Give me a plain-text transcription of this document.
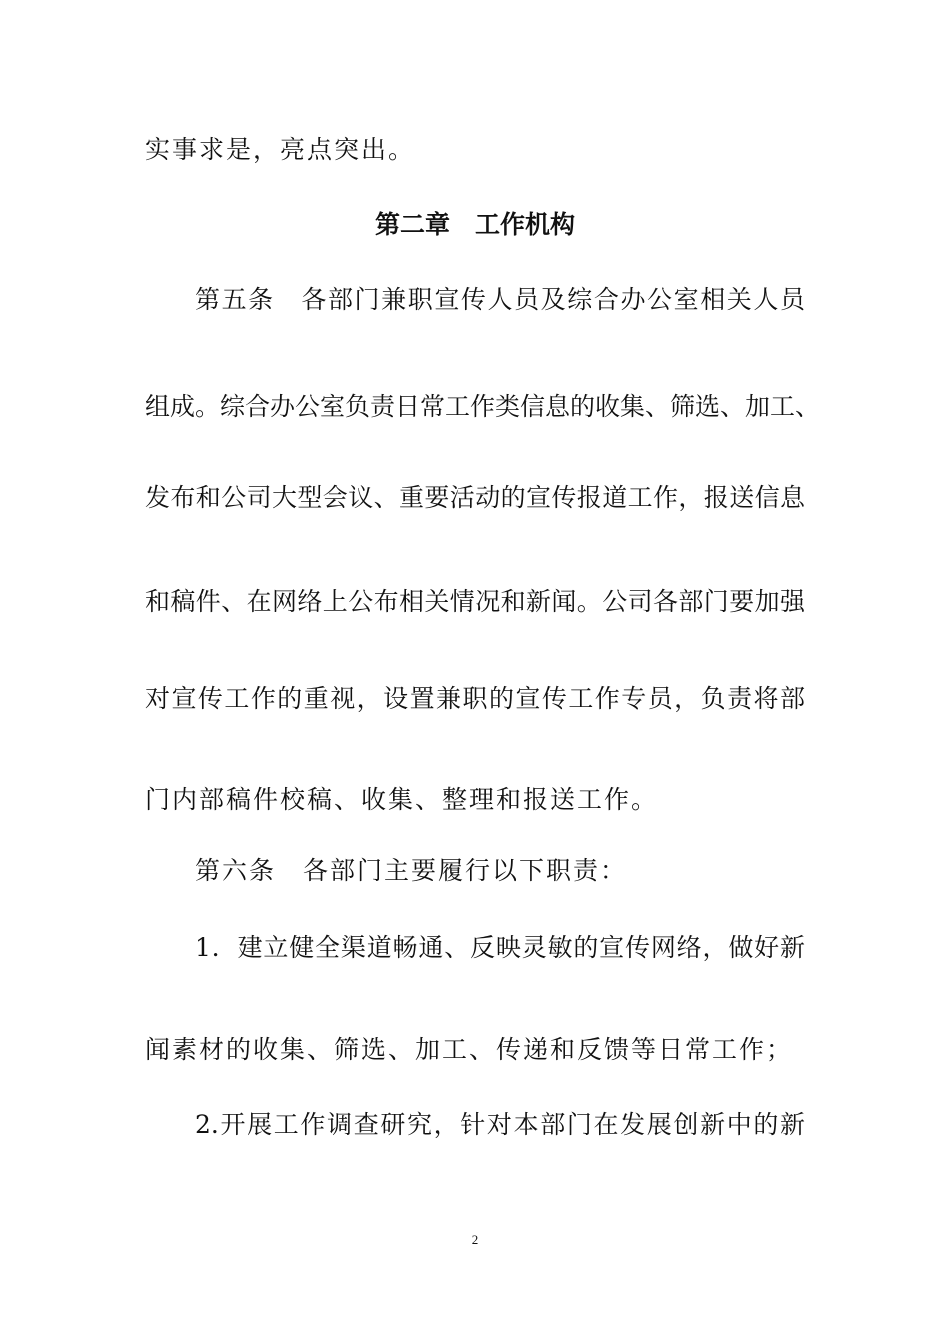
实事求是，亮点突出。
第二章　工作机构
第五条　各部门兼职宣传人员及综合办公室相关人员
组成。综合办公室负责日常工作类信息的收集、筛选、加工、
发布和公司大型会议、重要活动的宣传报道工作，报送信息
和稿件、在网络上公布相关情况和新闻。公司各部门要加强
对宣传工作的重视，设置兼职的宣传工作专员，负责将部
门内部稿件校稿、收集、整理和报送工作。
第六条　各部门主要履行以下职责：
1．建立健全渠道畅通、反映灵敏的宣传网络，做好新
闻素材的收集、筛选、加工、传递和反馈等日常工作；
2.开展工作调查研究，针对本部门在发展创新中的新
2
